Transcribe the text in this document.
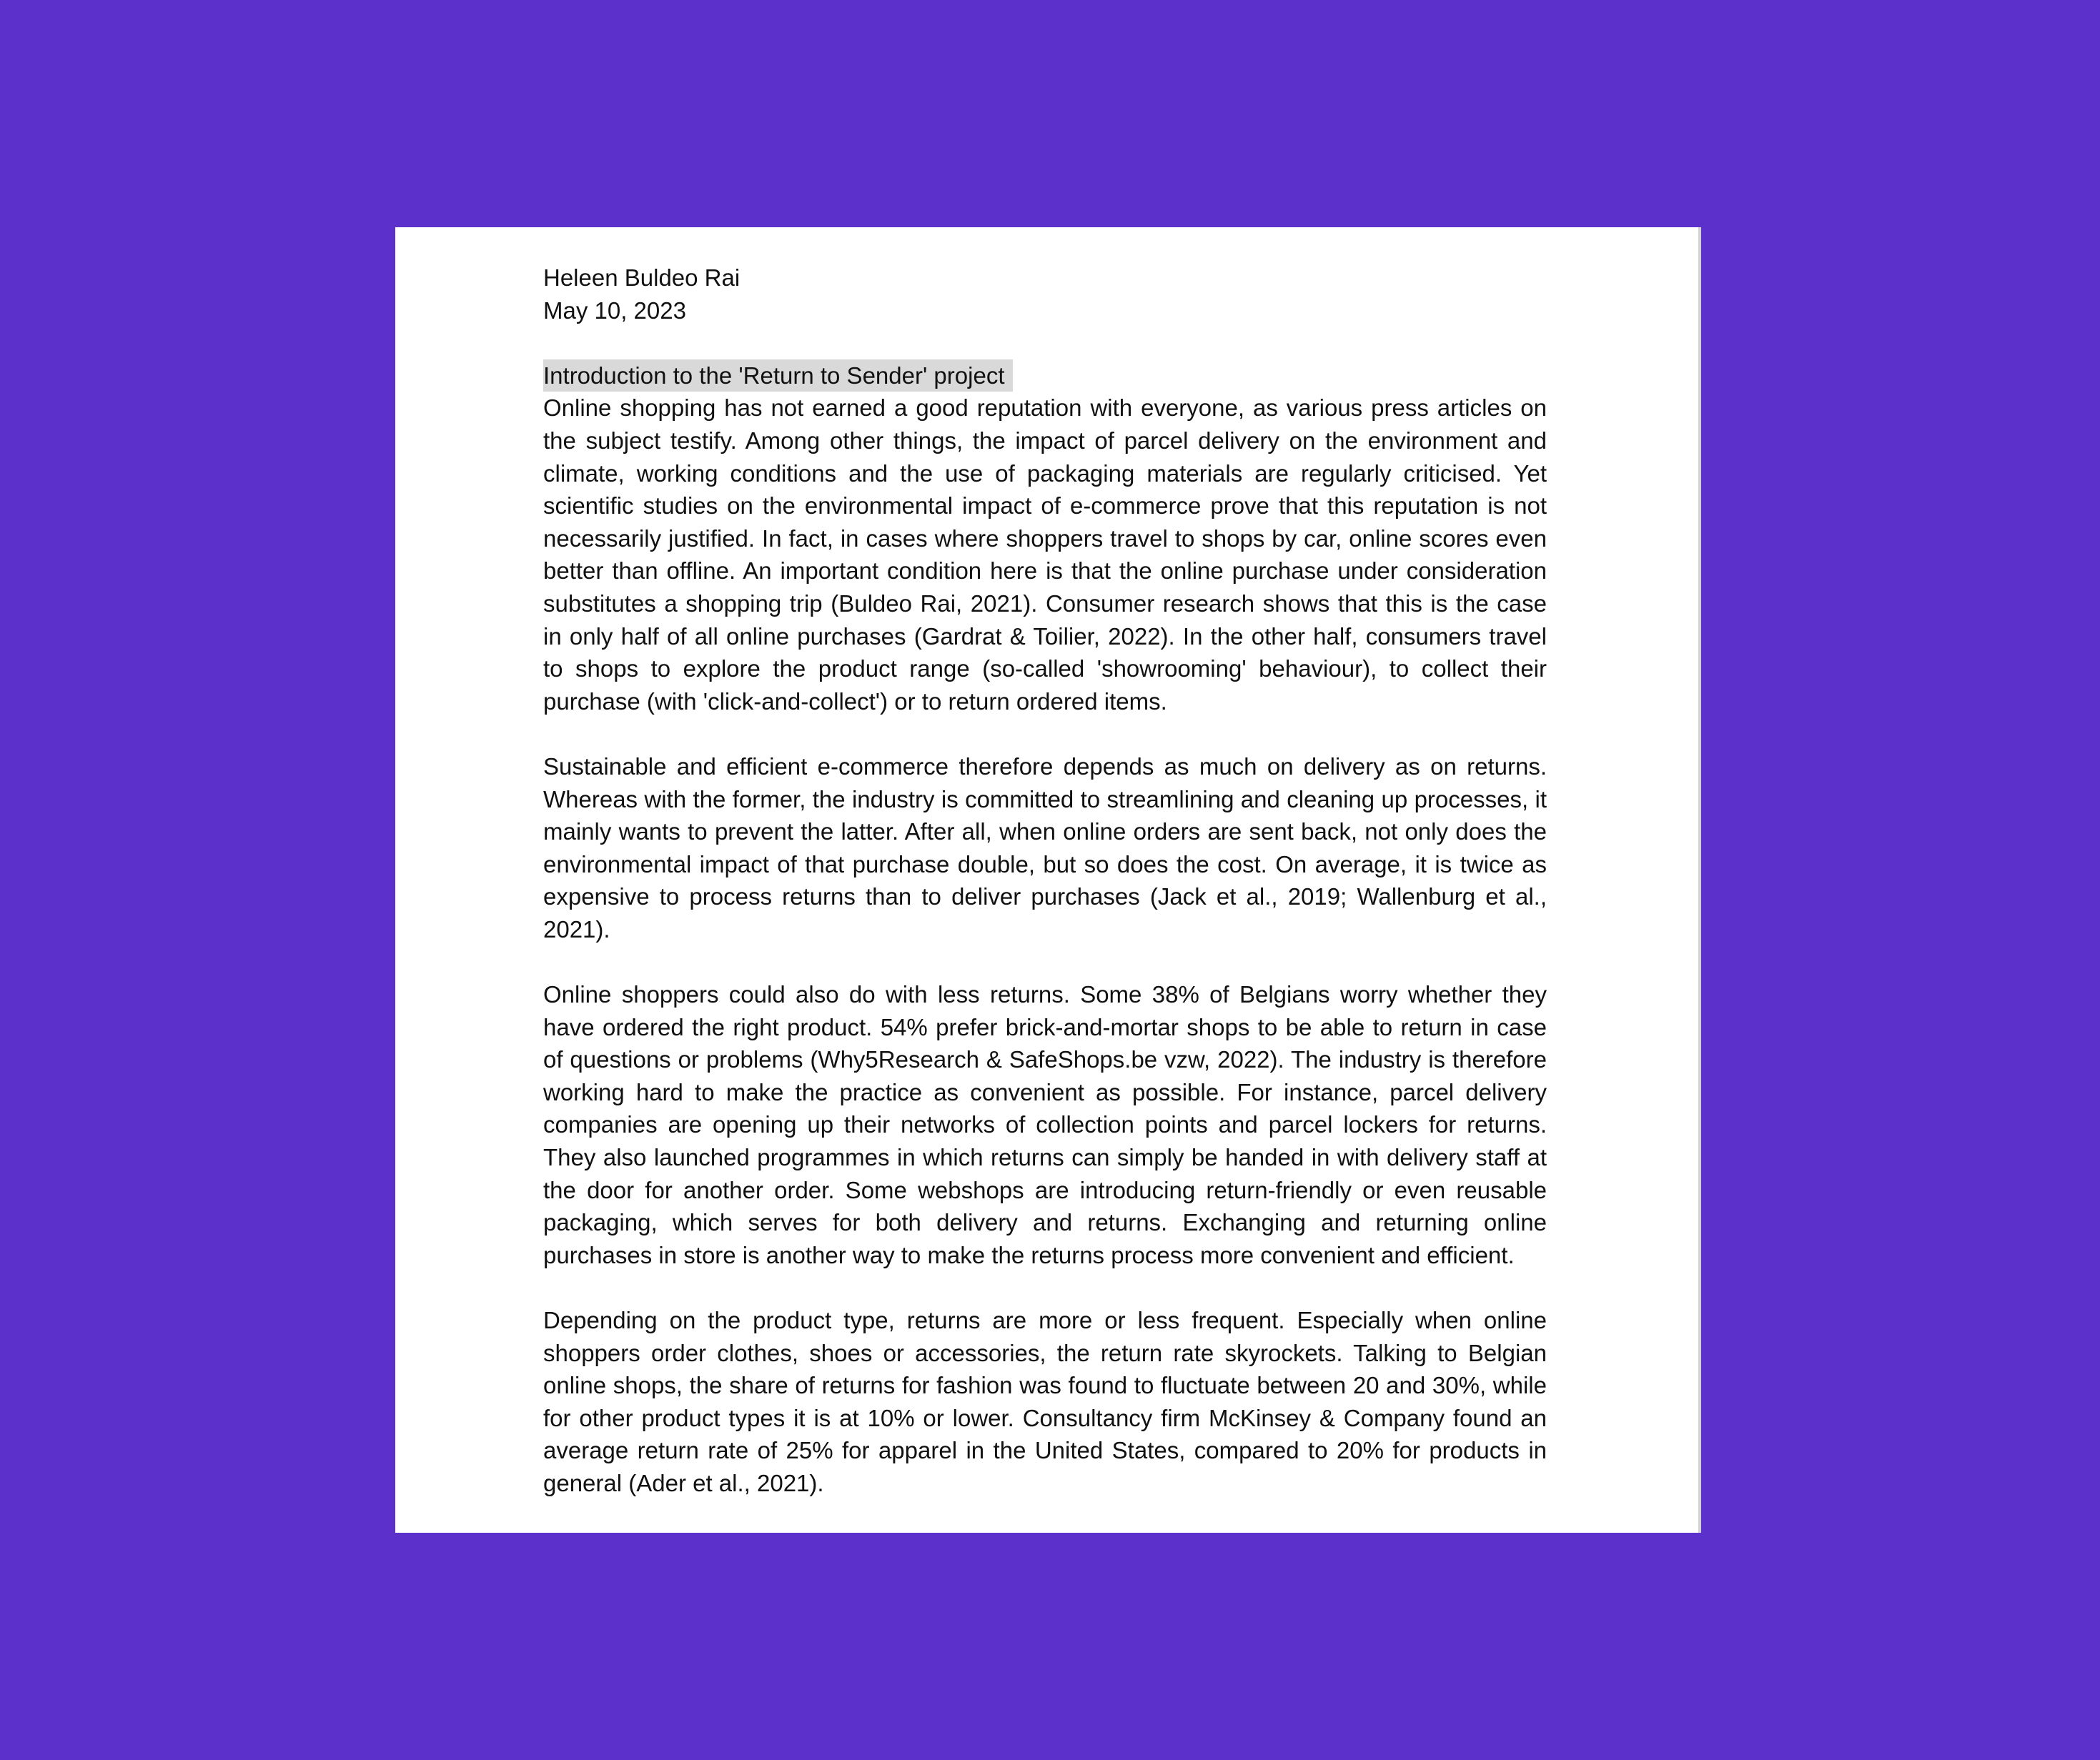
Heleen Buldeo Rai
May 10, 2023
Introduction to the 'Return to Sender' project

Online shopping has not earned a good reputation with everyone, as various press articles on the subject testify. Among other things, the impact of parcel delivery on the environment and climate, working conditions and the use of packaging materials are regularly criticised. Yet scientific studies on the environmental impact of e-commerce prove that this reputation is not necessarily justified. In fact, in cases where shoppers travel to shops by car, online scores even better than offline. An important condition here is that the online purchase under consideration substitutes a shopping trip (Buldeo Rai, 2021). Consumer research shows that this is the case in only half of all online purchases (Gardrat & Toilier, 2022). In the other half, consumers travel to shops to explore the product range (so-called 'showrooming' behaviour), to collect their purchase (with 'click-and-collect') or to return ordered items.

Sustainable and efficient e-commerce therefore depends as much on delivery as on returns. Whereas with the former, the industry is committed to streamlining and cleaning up processes, it mainly wants to prevent the latter. After all, when online orders are sent back, not only does the environmental impact of that purchase double, but so does the cost. On average, it is twice as expensive to process returns than to deliver purchases (Jack et al., 2019; Wallenburg et al., 2021).

Online shoppers could also do with less returns. Some 38% of Belgians worry whether they have ordered the right product. 54% prefer brick-and-mortar shops to be able to return in case of questions or problems (Why5Research & SafeShops.be vzw, 2022). The industry is therefore working hard to make the practice as convenient as possible. For instance, parcel delivery companies are opening up their networks of collection points and parcel lockers for returns. They also launched programmes in which returns can simply be handed in with delivery staff at the door for another order. Some webshops are introducing return-friendly or even reusable packaging, which serves for both delivery and returns. Exchanging and returning online purchases in store is another way to make the returns process more convenient and efficient.

Depending on the product type, returns are more or less frequent. Especially when online shoppers order clothes, shoes or accessories, the return rate skyrockets. Talking to Belgian online shops, the share of returns for fashion was found to fluctuate between 20 and 30%, while for other product types it is at 10% or lower. Consultancy firm McKinsey & Company found an average return rate of 25% for apparel in the United States, compared to 20% for products in general (Ader et al., 2021).
